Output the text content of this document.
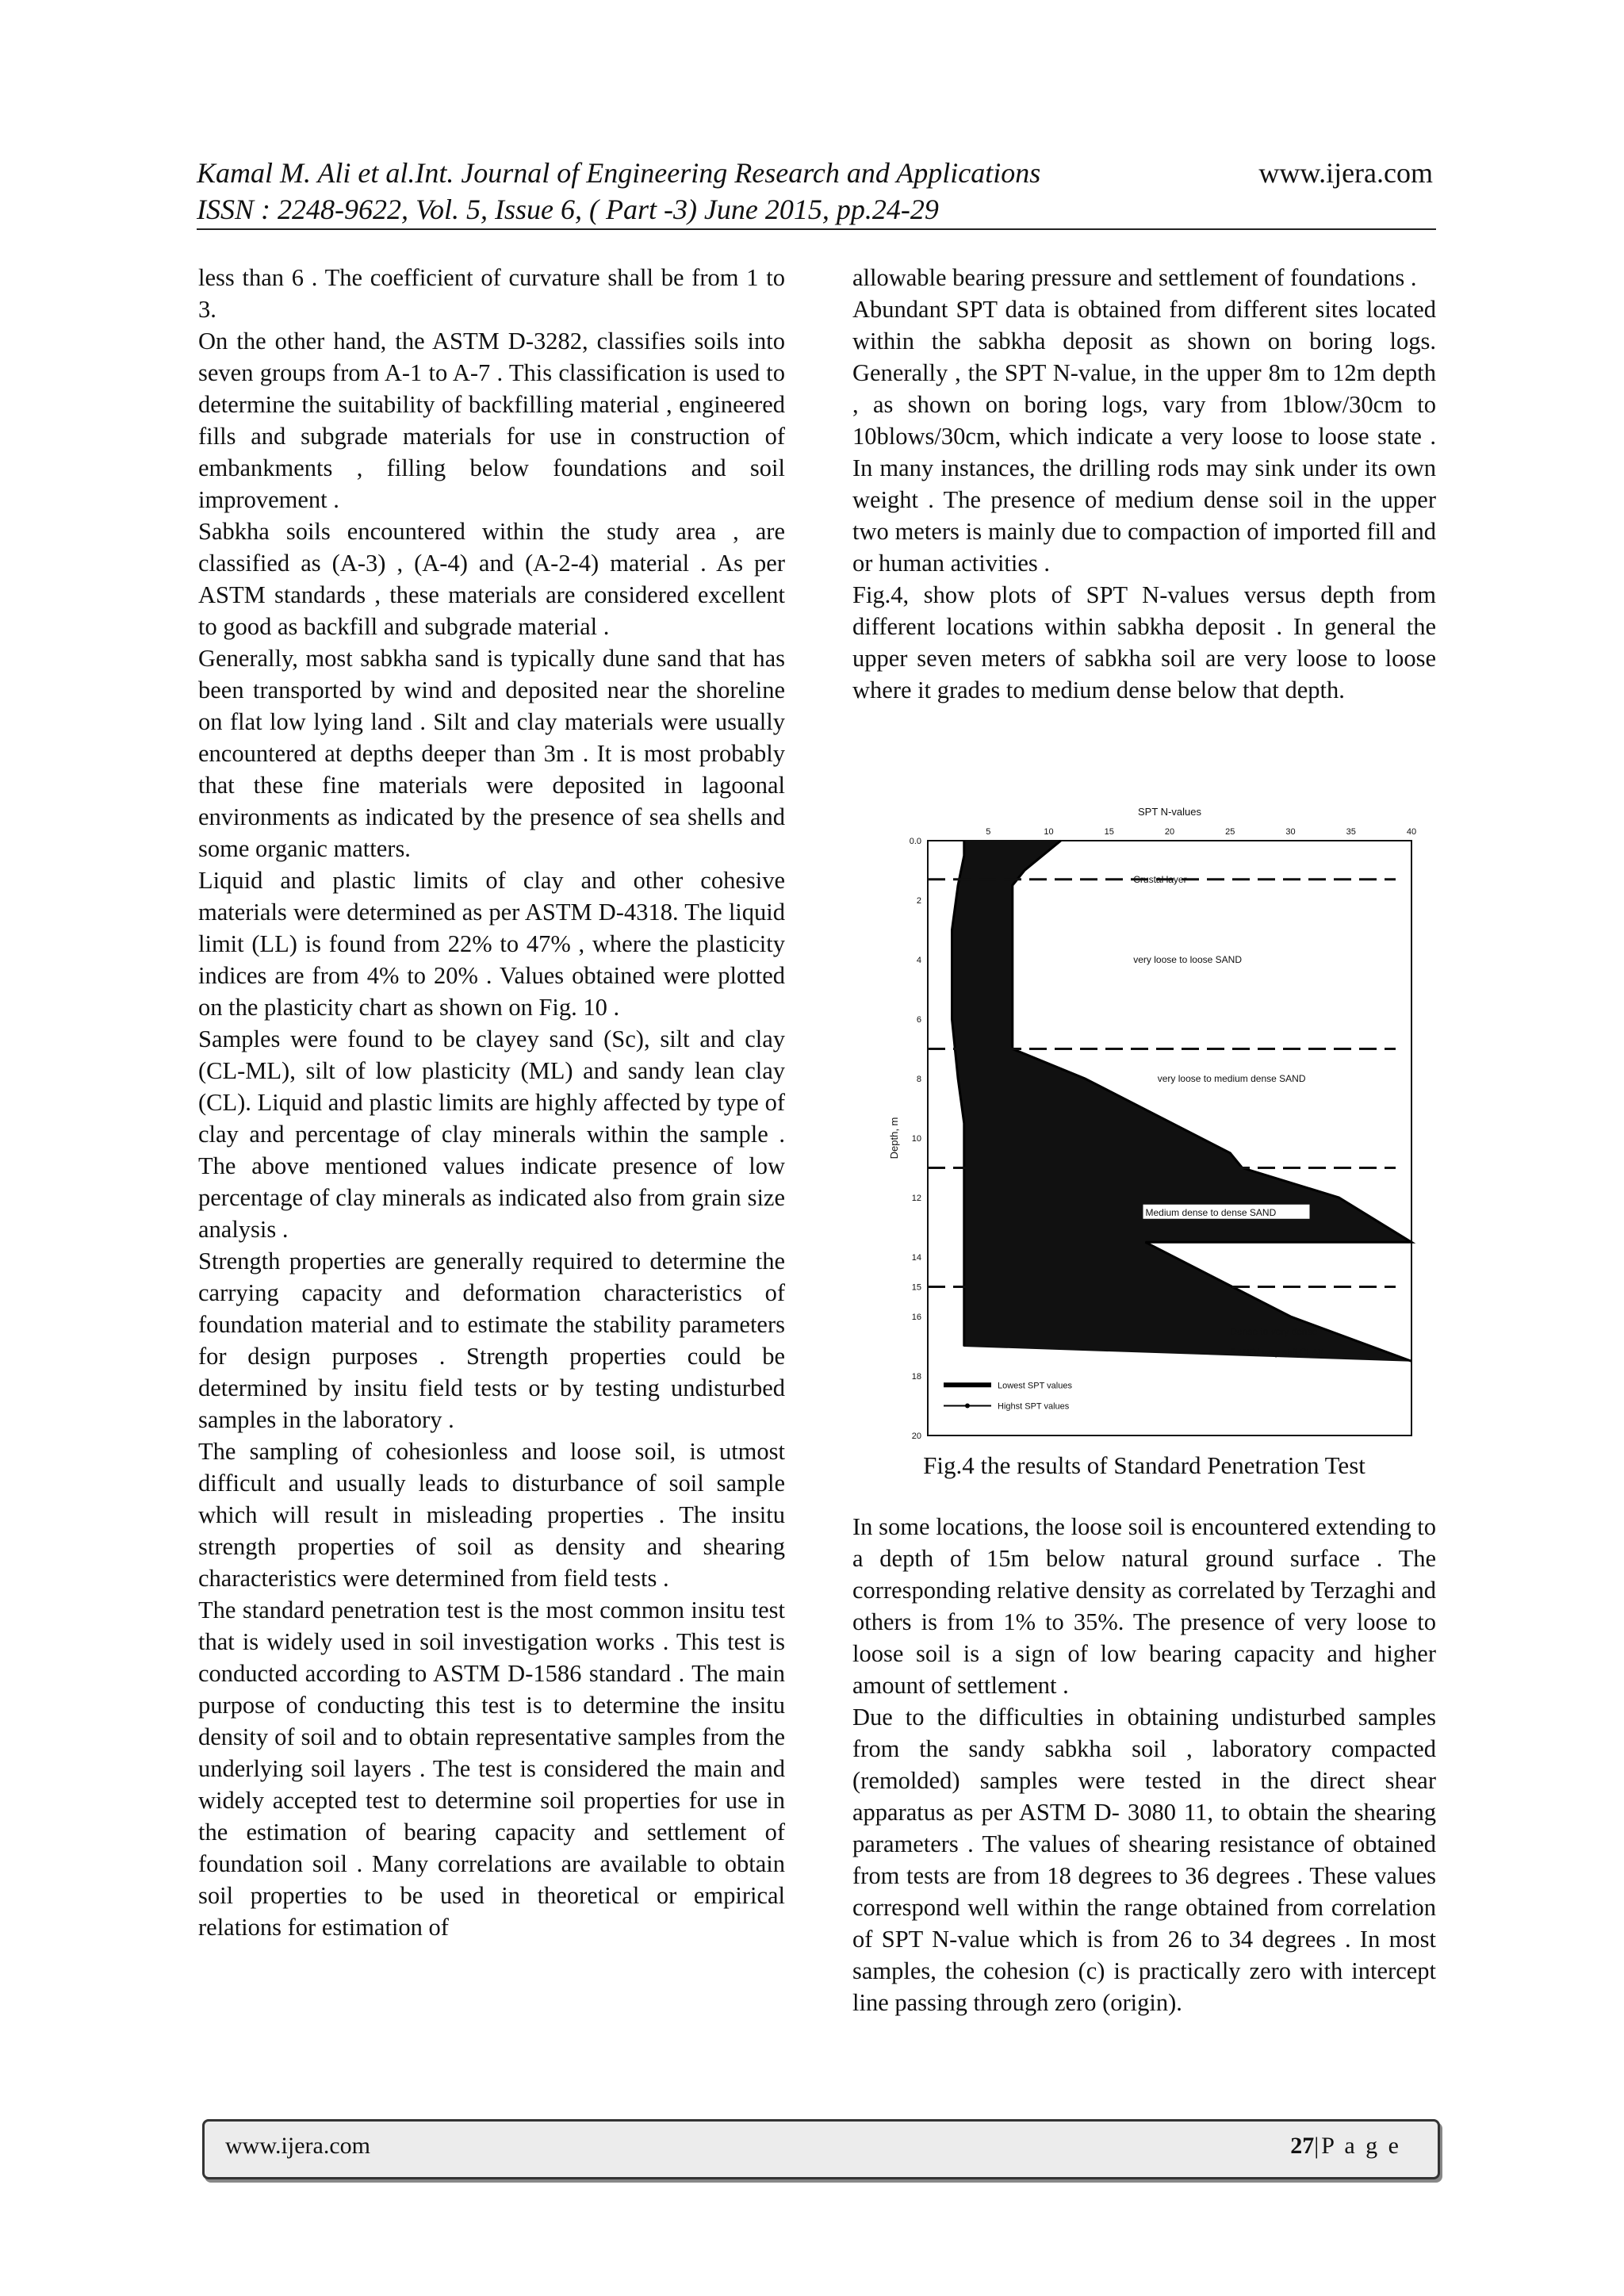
Kamal M. Ali et al.Int. Journal of Engineering Research and Applications
ISSN : 2248-9622, Vol. 5, Issue 6, ( Part -3) June 2015, pp.24-29
www.ijera.com

less than 6 . The coefficient of curvature shall be from 1 to 3.

On the other hand, the ASTM D-3282, classifies soils into seven groups from A-1 to A-7 . This classification is used to determine the suitability of backfilling material , engineered fills and subgrade materials for use in construction of embankments , filling below foundations and soil improvement .

Sabkha soils encountered within the study area , are classified as (A-3) , (A-4) and (A-2-4) material . As per ASTM standards , these materials are considered excellent to good as backfill and subgrade material .

Generally, most sabkha sand is typically dune sand that has been transported by wind and deposited near the shoreline on flat low lying land . Silt and clay materials were usually encountered at depths deeper than 3m . It is most probably that these fine materials were deposited in lagoonal environments as indicated by the presence of sea shells and some organic matters.

Liquid and plastic limits of clay and other cohesive materials were determined as per ASTM D-4318. The liquid limit (LL) is found from 22% to 47% , where the plasticity indices are from 4% to 20% . Values obtained were plotted on the plasticity chart as shown on Fig. 10 .

Samples were found to be clayey sand (Sc), silt and clay (CL-ML), silt of low plasticity (ML) and sandy lean clay (CL). Liquid and plastic limits are highly affected by type of clay and percentage of clay minerals within the sample . The above mentioned values indicate presence of low percentage of clay minerals as indicated also from grain size analysis .

Strength properties are generally required to determine the carrying capacity and deformation characteristics of foundation material and to estimate the stability parameters for design purposes . Strength properties could be determined by insitu field tests or by testing undisturbed samples in the laboratory .

The sampling of cohesionless and loose soil, is utmost difficult and usually leads to disturbance of soil sample which will result in misleading properties . The insitu strength properties of soil as density and shearing characteristics were determined from field tests .

The standard penetration test is the most common insitu test that is widely used in soil investigation works . This test is conducted according to ASTM D-1586 standard . The main purpose of conducting this test is to determine the insitu density of soil and to obtain representative samples from the underlying soil layers . The test is considered the main and widely accepted test to determine soil properties for use in the estimation of bearing capacity and settlement of foundation soil . Many correlations are available to obtain soil properties to be used in theoretical or empirical relations for estimation of

allowable bearing pressure and settlement of foundations .

Abundant SPT data is obtained from different sites located within the sabkha deposit as shown on boring logs. Generally , the SPT N-value, in the upper 8m to 12m depth , as shown on boring logs, vary from 1blow/30cm to 10blows/30cm, which indicate a very loose to loose state . In many instances, the drilling rods may sink under its own weight . The presence of medium dense soil in the upper two meters is mainly due to compaction of imported fill and or human activities .

Fig.4, show plots of SPT N-values versus depth from different locations within sabkha deposit . In general the upper seven meters of sabkha soil are very loose to loose where it grades to medium dense below that depth.

5	10	15	20	25	30	35	40
SPT N-values
0.0
2
4
6
8
10
12
14
15
16
18
20
Depth, m
Crustal layer
very loose to loose SAND
very loose to medium dense SAND
Medium dense to dense SAND
Dense to very dense
SAND/ very stiff CLAY
Lowest SPT values
Highst SPT values
Fig.4 the results of Standard Penetration Test

In some locations, the loose soil is encountered extending to a depth of 15m below natural ground surface . The corresponding relative density as correlated by Terzaghi and others is from 1% to 35%. The presence of very loose to loose soil is a sign of low bearing capacity and higher amount of settlement .

Due to the difficulties in obtaining undisturbed samples from the sandy sabkha soil , laboratory compacted (remolded) samples were tested in the direct shear apparatus as per ASTM D- 3080 11, to obtain the shearing parameters . The values of shearing resistance of obtained from tests are from 18 degrees to 36 degrees . These values correspond well within the range obtained from correlation of SPT N-value which is from 26 to 34 degrees . In most samples, the cohesion (c) is practically zero with intercept line passing through zero (origin).

www.ijera.com	27|P a g e
